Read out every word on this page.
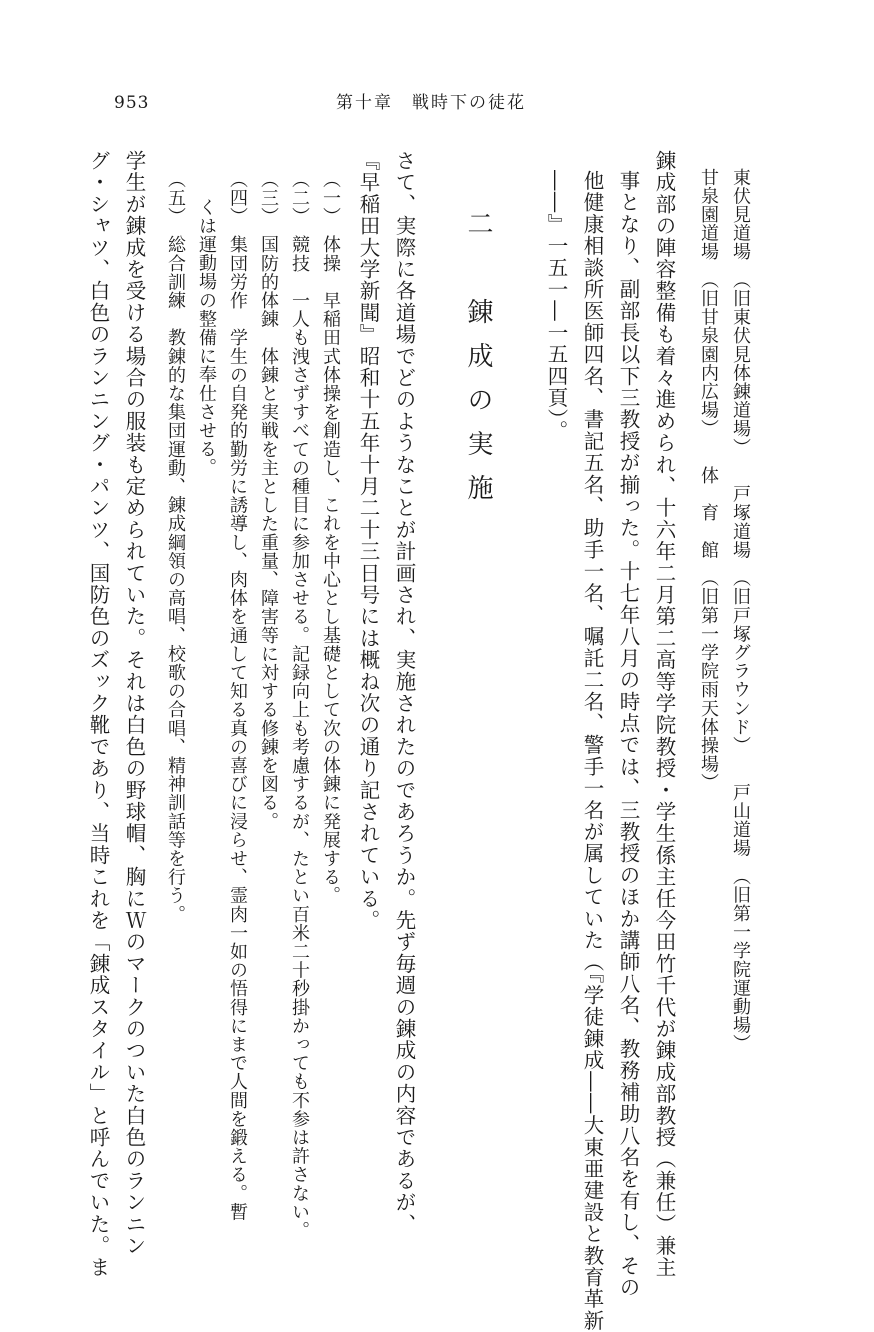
953	第十章　戦時下の徒花
東伏見道場　（旧東伏見体錬道場）　　戸塚道場　（旧戸塚グラウンド）　　戸山道場　（旧第一学院運動場）
甘泉園道場　（旧甘泉園内広場）　　体　育　館　（旧第一学院雨天体操場）
錬成部の陣容整備も着々進められ、十六年二月第二高等学院教授・学生係主任今田竹千代が錬成部教授（兼任）兼主
事となり、副部長以下三教授が揃った。十七年八月の時点では、三教授のほか講師八名、教務補助八名を有し、その
他健康相談所医師四名、書記五名、助手一名、嘱託二名、警手一名が属していた（『学徒錬成――大東亜建設と教育革新
――』一五一―一五四頁）。
二　錬成の実施
さて、実際に各道場でどのようなことが計画され、実施されたのであろうか。先ず毎週の錬成の内容であるが、
『早稲田大学新聞』昭和十五年十月二十三日号には概ね次の通り記されている。
（一）　体操　早稲田式体操を創造し、これを中心とし基礎として次の体錬に発展する。
（二）　競技　一人も洩さずすべての種目に参加させる。記録向上も考慮するが、たとい百米二十秒掛かっても不参は許さない。
（三）　国防的体錬　体錬と実戦を主とした重量、障害等に対する修錬を図る。
（四）　集団労作　学生の自発的勤労に誘導し、肉体を通して知る真の喜びに浸らせ、霊肉一如の悟得にまで人間を鍛える。暫
くは運動場の整備に奉仕させる。
（五）　総合訓練　教錬的な集団運動、錬成綱領の高唱、校歌の合唱、精神訓話等を行う。
学生が錬成を受ける場合の服装も定められていた。それは白色の野球帽、胸にＷのマークのついた白色のランニン
グ・シャツ、白色のランニング・パンツ、国防色のズック靴であり、当時これを「錬成スタイル」と呼んでいた。ま
